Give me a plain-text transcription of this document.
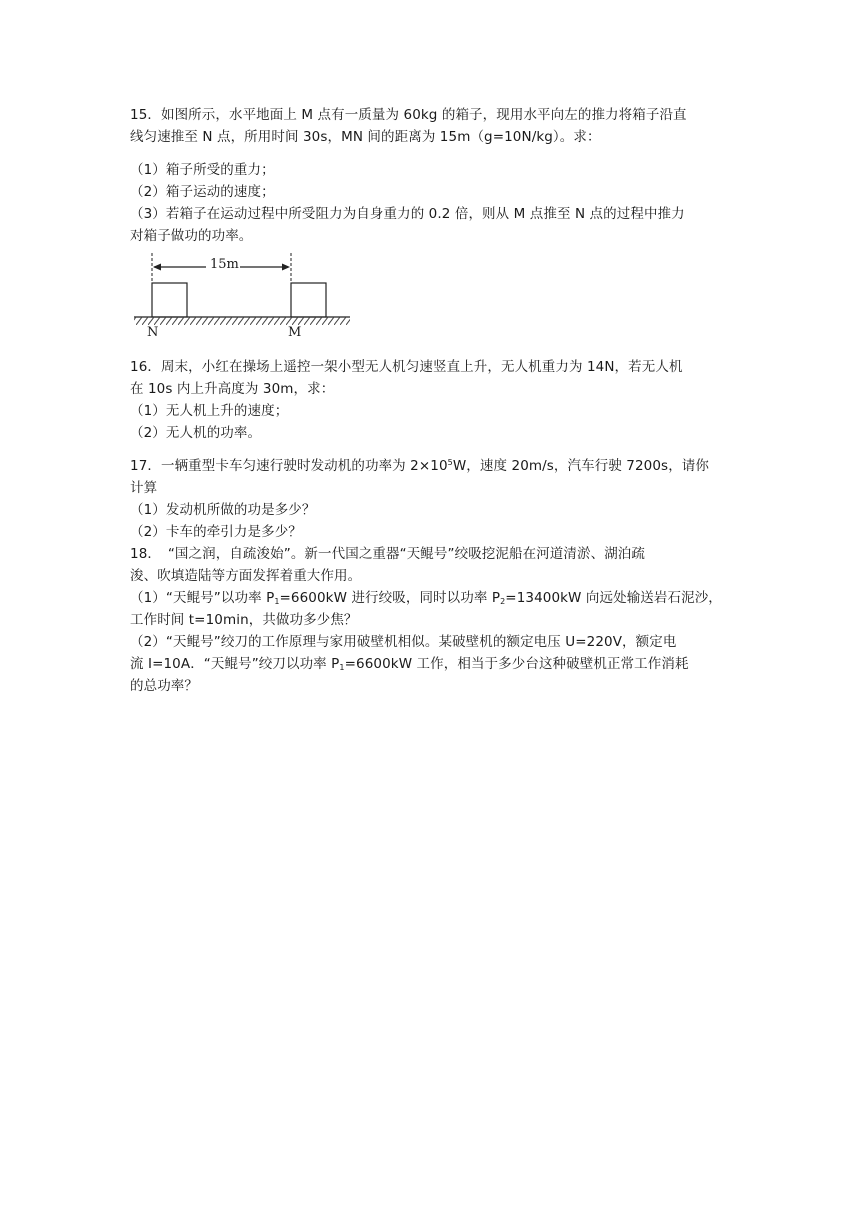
15．如图所示，水平地面上 M 点有一质量为 60kg 的箱子，现用水平向左的推力将箱子沿直
线匀速推至 N 点，所用时间 30s，MN 间的距离为 15m（g=10N/kg）。求：
（1）箱子所受的重力；
（2）箱子运动的速度；
（3）若箱子在运动过程中所受阻力为自身重力的 0.2 倍，则从 M 点推至 N 点的过程中推力
对箱子做功的功率。
15m
N	M
16．周末，小红在操场上遥控一架小型无人机匀速竖直上升，无人机重力为 14N，若无人机
在 10s 内上升高度为 30m，求：
（1）无人机上升的速度；
（2）无人机的功率。
17．一辆重型卡车匀速行驶时发动机的功率为 $2\times 10^5W$，速度 20m/s，汽车行驶 7200s，请你
计算
（1）发动机所做的功是多少？
（2）卡车的牵引力是多少？
18．　“国之润，自疏浚始”。新一代国之重器“天鲲号”绞吸挖泥船在河道清淤、湖泊疏
浚、吹填造陆等方面发挥着重大作用。
（1）“天鲲号”以功率 $P_1=6600kW$ 进行绞吸，同时以功率 $P_2=13400kW$ 向远处输送岩石泥沙，
工作时间 t=10min，共做功多少焦？
（2）“天鲲号”绞刀的工作原理与家用破壁机相似。某破壁机的额定电压 U=220V，额定电
流 I=10A．“天鲲号”绞刀以功率 $P_1=6600kW$ 工作，相当于多少台这种破壁机正常工作消耗
的总功率？
